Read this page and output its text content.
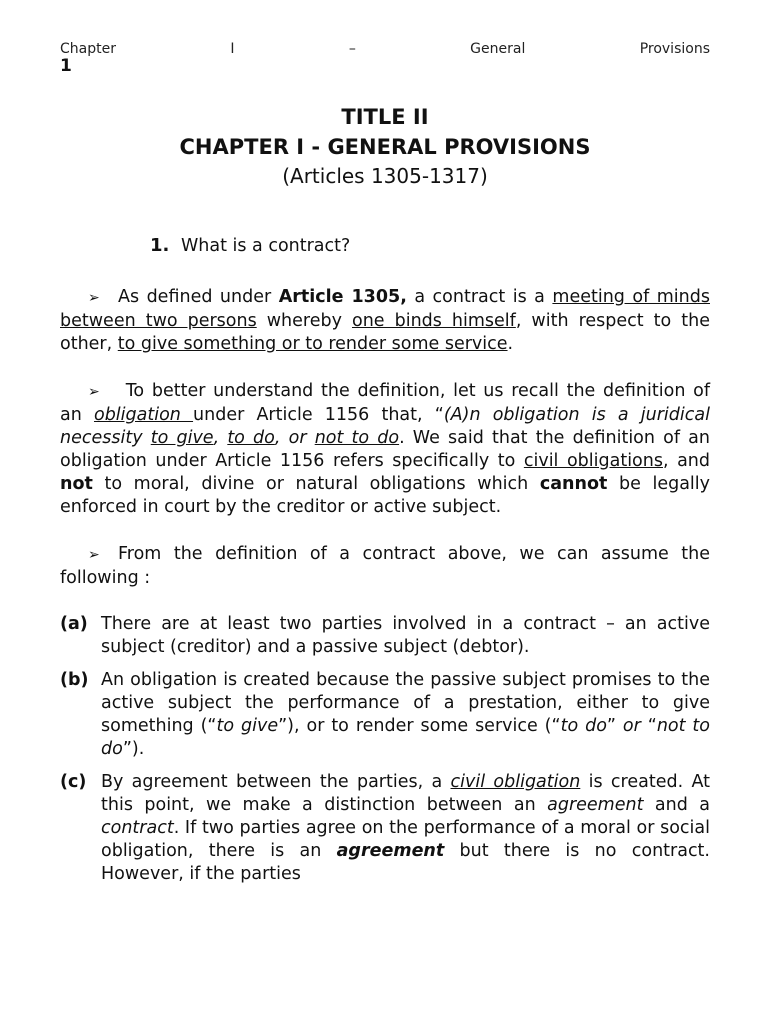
Chapter	I	–	General	Provisions
1
TITLE II
CHAPTER I - GENERAL PROVISIONS
(Articles 1305-1317)
1. What is a contract?
➢ As defined under Article 1305, a contract is a meeting of minds between two persons whereby one binds himself, with respect to the other, to give something or to render some service.
➢ To better understand the definition, let us recall the definition of an obligation under Article 1156 that, “(A)n obligation is a juridical necessity to give, to do, or not to do. We said that the definition of an obligation under Article 1156 refers specifically to civil obligations, and not to moral, divine or natural obligations which cannot be legally enforced in court by the creditor or active subject.
➢ From the definition of a contract above, we can assume the following :
(a) There are at least two parties involved in a contract – an active subject (creditor) and a passive subject (debtor).
(b) An obligation is created because the passive subject promises to the active subject the performance of a prestation, either to give something (“to give”), or to render some service (“to do” or “not to do”).
(c) By agreement between the parties, a civil obligation is created. At this point, we make a distinction between an agreement and a contract. If two parties agree on the performance of a moral or social obligation, there is an agreement but there is no contract. However, if the parties
